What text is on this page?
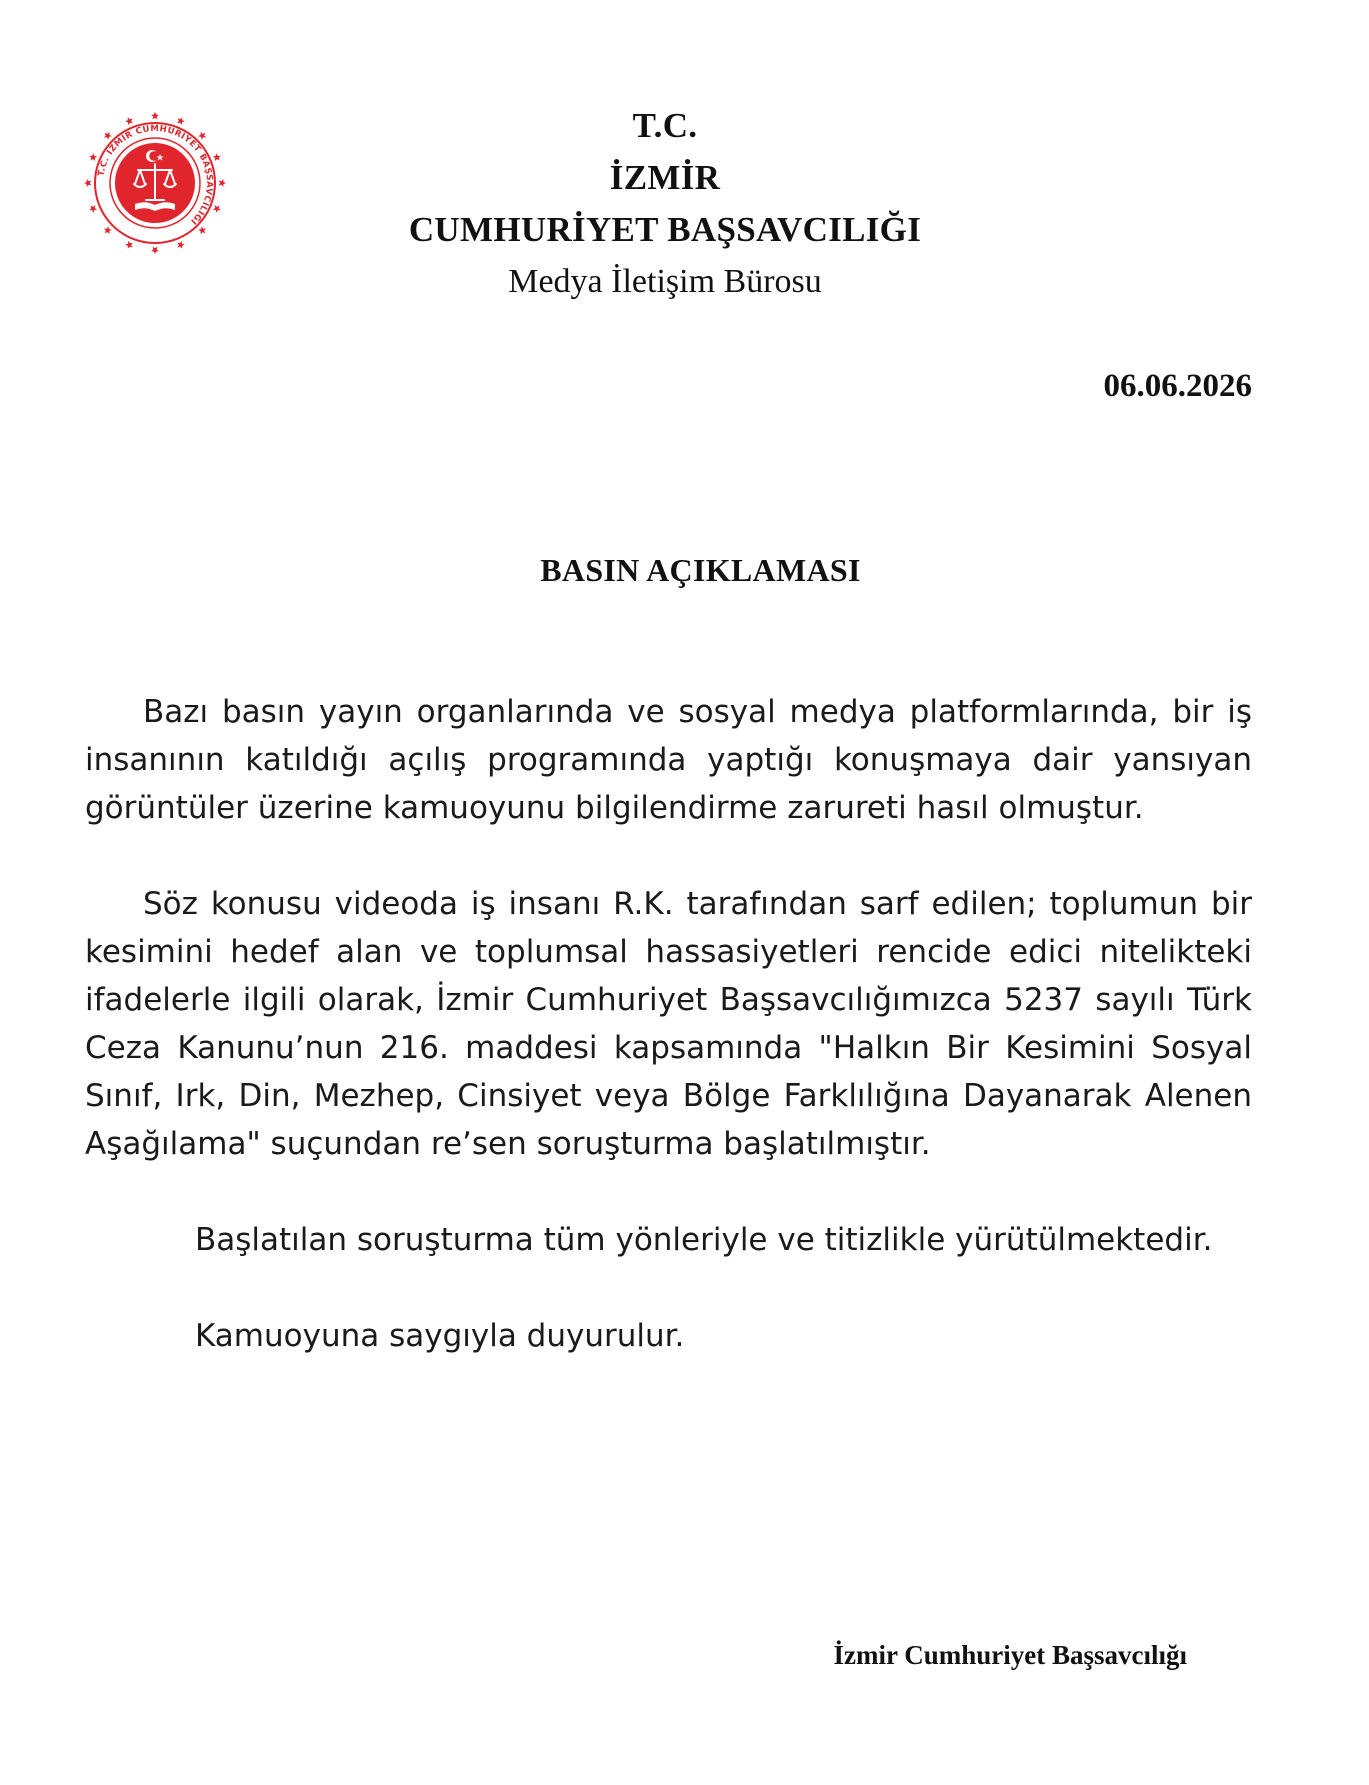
T.C. İZMİR CUMHURİYET BAŞSAVCILIĞI
T.C.
İZMİR
CUMHURİYET BAŞSAVCILIĞI
Medya İletişim Bürosu
06.06.2026
BASIN AÇIKLAMASI

Bazı basın yayın organlarında ve sosyal medya platformlarında, bir iş insanının katıldığı açılış programında yaptığı konuşmaya dair yansıyan görüntüler üzerine kamuoyunu bilgilendirme zarureti hasıl olmuştur.

Söz konusu videoda iş insanı R.K. tarafından sarf edilen; toplumun bir kesimini hedef alan ve toplumsal hassasiyetleri rencide edici nitelikteki ifadelerle ilgili olarak, İzmir Cumhuriyet Başsavcılığımızca 5237 sayılı Türk Ceza Kanunu’nun 216. maddesi kapsamında "Halkın Bir Kesimini Sosyal Sınıf, Irk, Din, Mezhep, Cinsiyet veya Bölge Farklılığına Dayanarak Alenen Aşağılama" suçundan re’sen soruşturma başlatılmıştır.

Başlatılan soruşturma tüm yönleriyle ve titizlikle yürütülmektedir.

Kamuoyuna saygıyla duyurulur.

İzmir Cumhuriyet Başsavcılığı
